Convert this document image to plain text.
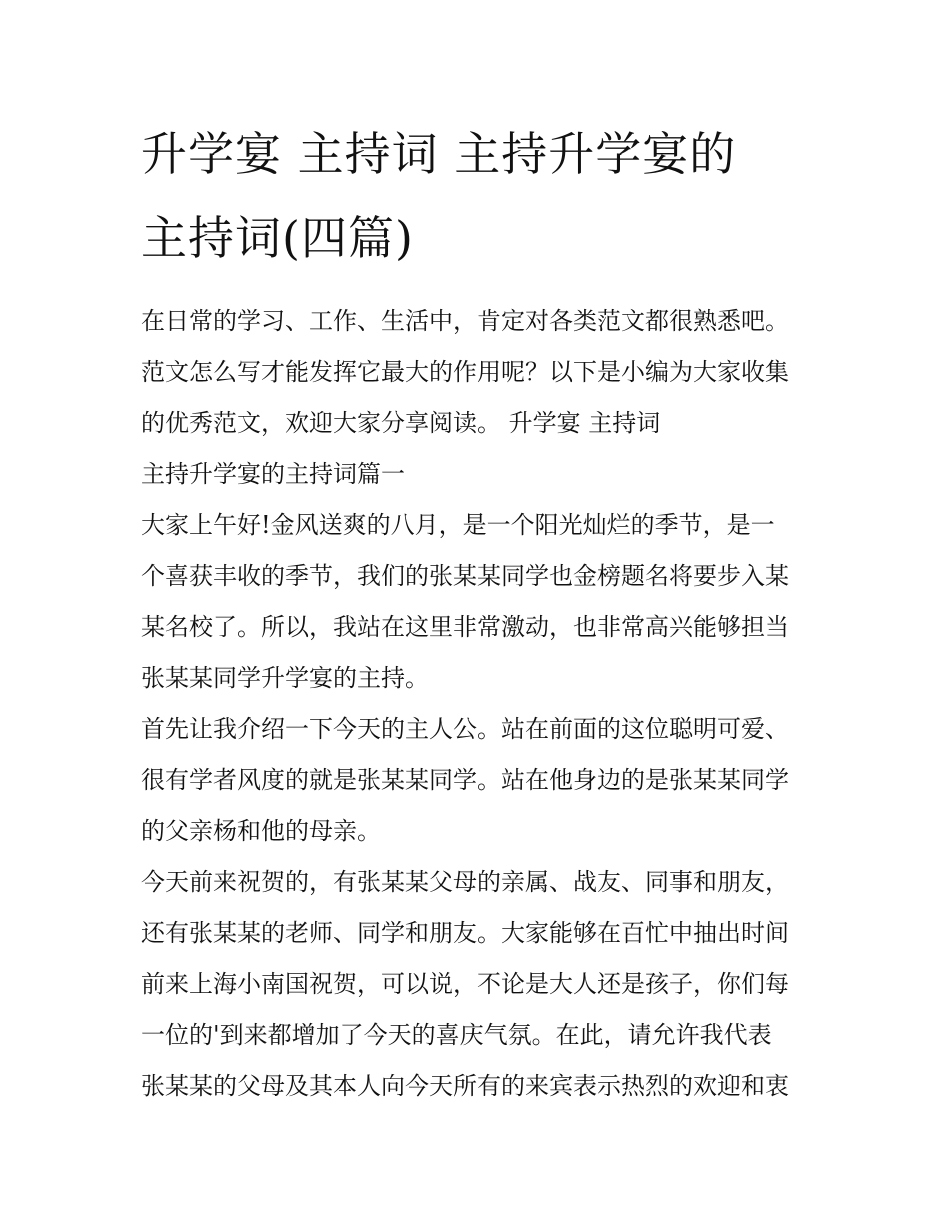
升学宴 主持词 主持升学宴的
主持词(四篇)

在日常的学习、工作、生活中，肯定对各类范文都很熟悉吧。
范文怎么写才能发挥它最大的作用呢？以下是小编为大家收集
的优秀范文，欢迎大家分享阅读。 升学宴 主持词

主持升学宴的主持词篇一

大家上午好!金风送爽的八月，是一个阳光灿烂的季节，是一
个喜获丰收的季节，我们的张某某同学也金榜题名将要步入某
某名校了。所以，我站在这里非常激动，也非常高兴能够担当
张某某同学升学宴的主持。

首先让我介绍一下今天的主人公。站在前面的这位聪明可爱、
很有学者风度的就是张某某同学。站在他身边的是张某某同学
的父亲杨和他的母亲。

今天前来祝贺的，有张某某父母的亲属、战友、同事和朋友，
还有张某某的老师、同学和朋友。大家能够在百忙中抽出时间
前来上海小南国祝贺，可以说，不论是大人还是孩子，你们每
一位的'到来都增加了今天的喜庆气氛。在此，请允许我代表
张某某的父母及其本人向今天所有的来宾表示热烈的欢迎和衷
